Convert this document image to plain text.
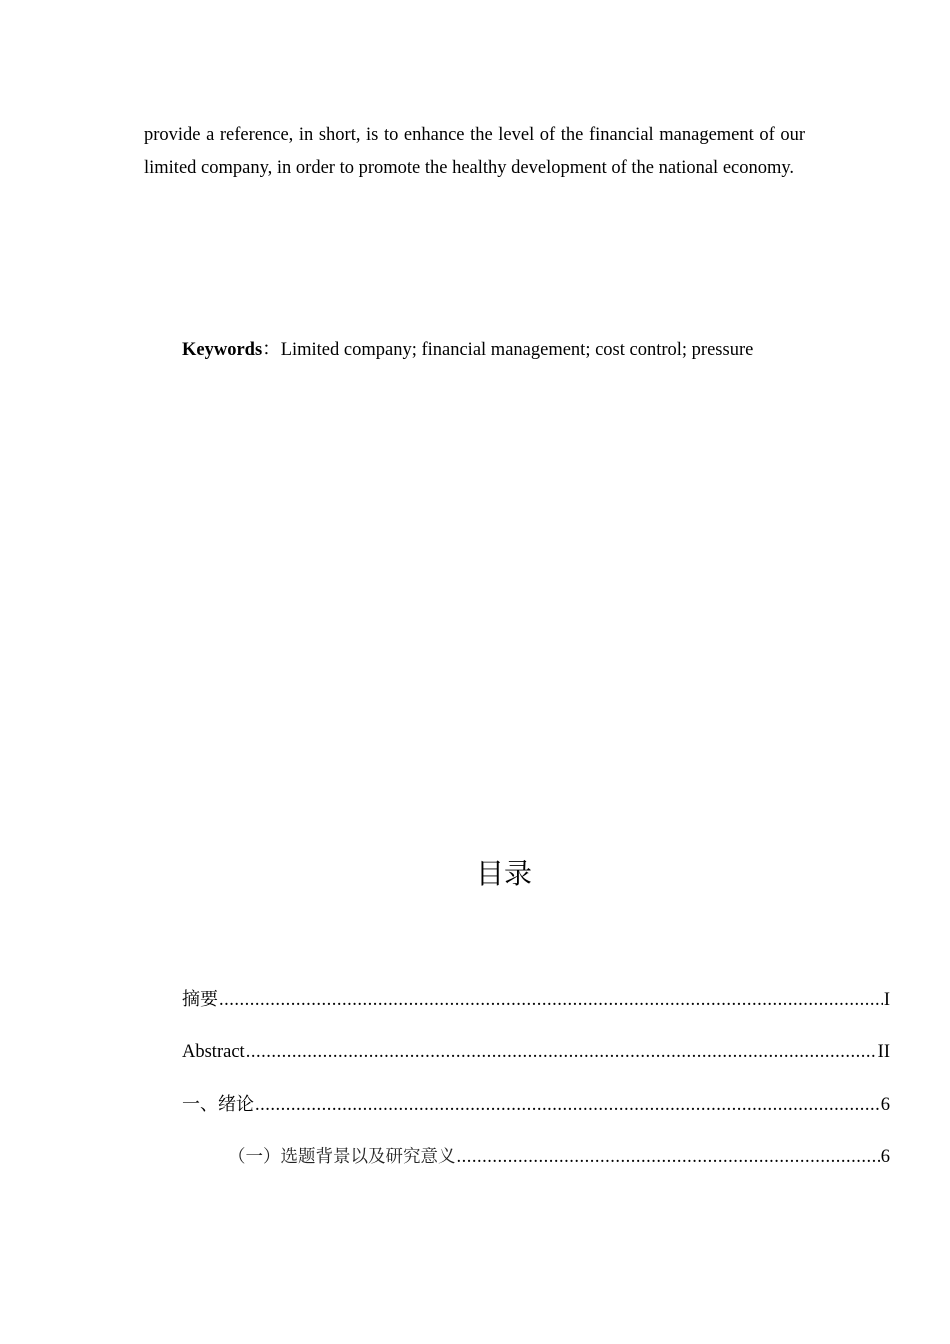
provide a reference, in short, is to enhance the level of the financial management of our limited company, in order to promote the healthy development of the national economy.

Keywords：Limited company; financial management; cost control; pressure

目录
摘要 .....	I
Abstract .....	II
一、绪论 .....	6
（一）选题背景以及研究意义 .....	6
